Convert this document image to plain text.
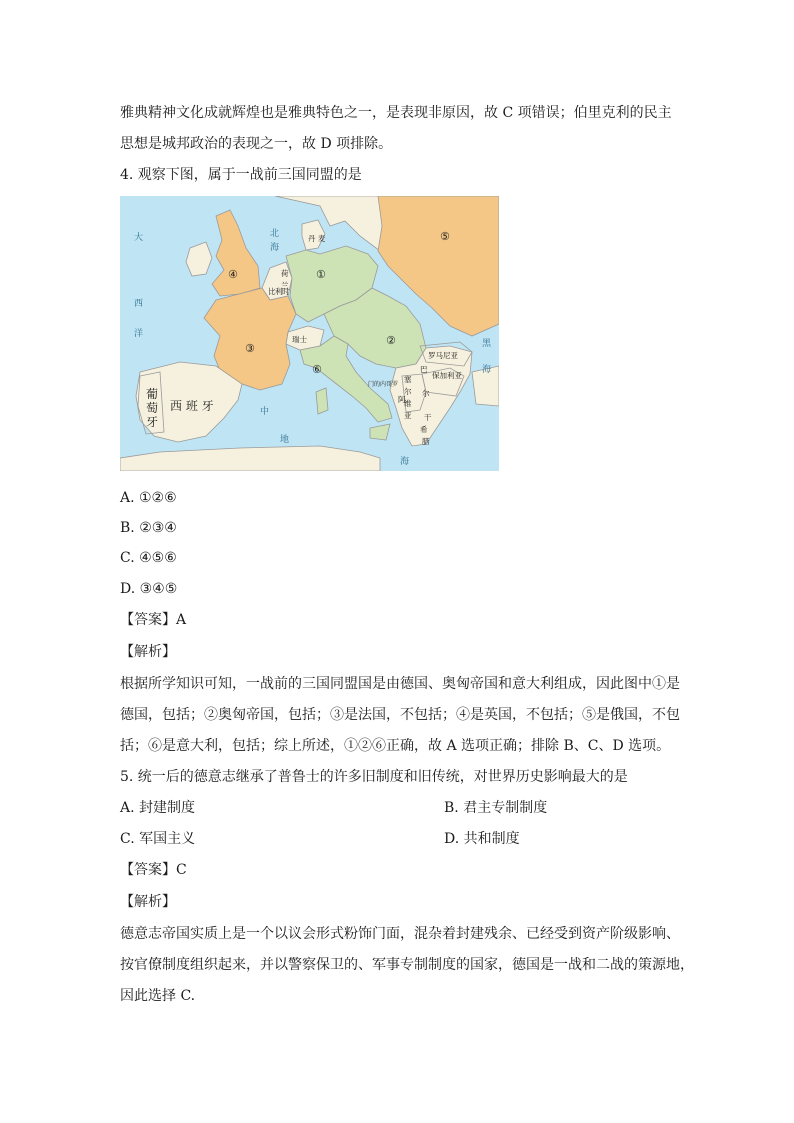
雅典精神文化成就辉煌也是雅典特色之一，是表现非原因，故 C 项错误；伯里克利的民主
思想是城邦政治的表现之一，故 D 项排除。
4. 观察下图，属于一战前三国同盟的是
北
海
大
西
洋
黑
海
中
地
海
丹 麦
荷
兰
比 利 时
瑞士
罗马尼亚
保加利亚
门的内哥罗
塞
尔
维
亚
巴
尔
干
阿
希
腊
葡
萄
牙
西 班 牙
①
②
③
④
⑤
⑥
A. ①②⑥
B. ②③④
C. ④⑤⑥
D. ③④⑤
【答案】A
【解析】
根据所学知识可知，一战前的三国同盟国是由德国、奥匈帝国和意大利组成，因此图中①是
德国，包括；②奥匈帝国，包括；③是法国，不包括；④是英国，不包括；⑤是俄国，不包
括；⑥是意大利，包括；综上所述，①②⑥正确，故 A 选项正确；排除 B、C、D 选项。
5. 统一后的德意志继承了普鲁士的许多旧制度和旧传统，对世界历史影响最大的是
A. 封建制度	B. 君主专制制度
C. 军国主义	D. 共和制度
【答案】C
【解析】
德意志帝国实质上是一个以议会形式粉饰门面，混杂着封建残余、已经受到资产阶级影响、
按官僚制度组织起来，并以警察保卫的、军事专制制度的国家，德国是一战和二战的策源地，
因此选择 C.
